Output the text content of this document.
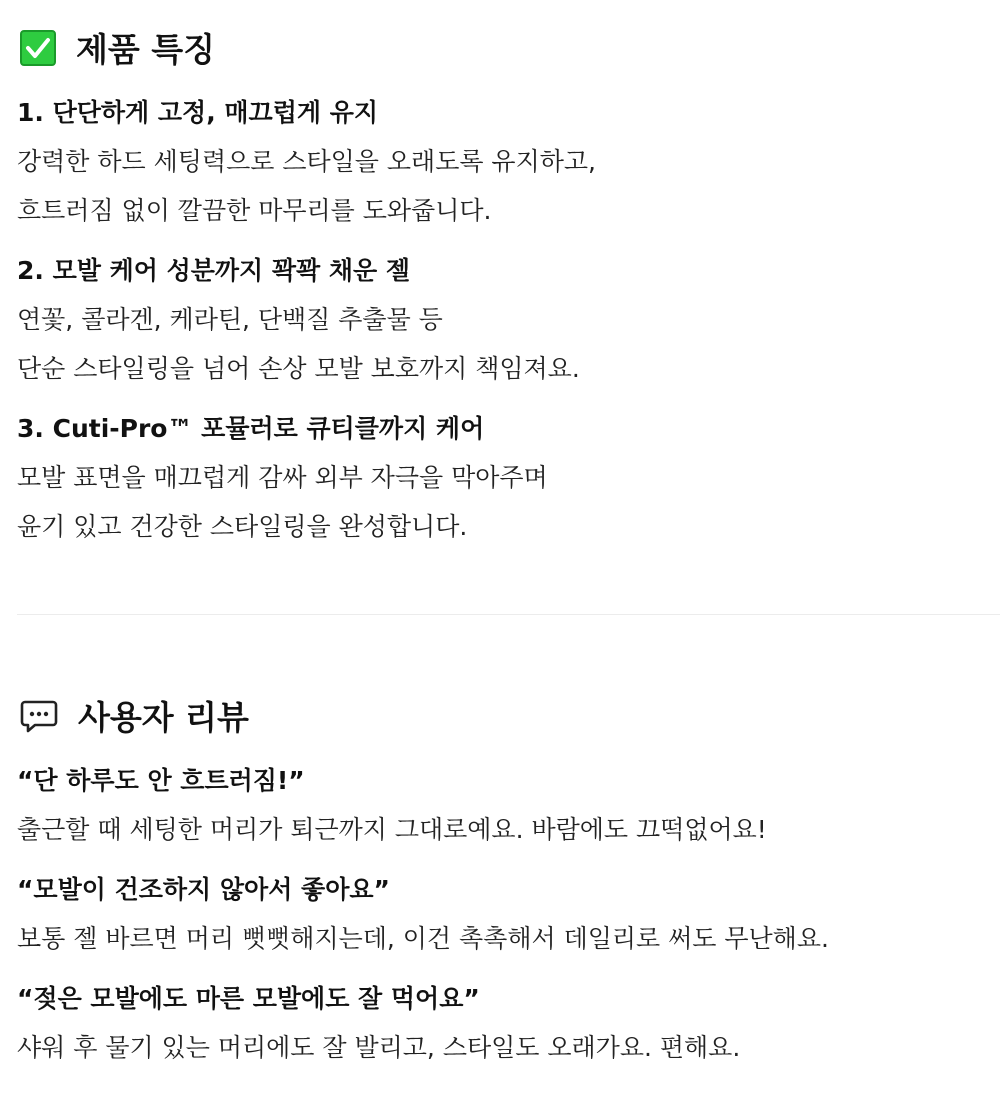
제품 특징
1. 단단하게 고정, 매끄럽게 유지
강력한 하드 세팅력으로 스타일을 오래도록 유지하고,
흐트러짐 없이 깔끔한 마무리를 도와줍니다.
2. 모발 케어 성분까지 꽉꽉 채운 젤
연꽃, 콜라겐, 케라틴, 단백질 추출물 등
단순 스타일링을 넘어 손상 모발 보호까지 책임져요.
3. Cuti-Pro™ 포뮬러로 큐티클까지 케어
모발 표면을 매끄럽게 감싸 외부 자극을 막아주며
윤기 있고 건강한 스타일링을 완성합니다.
사용자 리뷰
“단 하루도 안 흐트러짐!”
출근할 때 세팅한 머리가 퇴근까지 그대로예요. 바람에도 끄떡없어요!
“모발이 건조하지 않아서 좋아요”
보통 젤 바르면 머리 뻣뻣해지는데, 이건 촉촉해서 데일리로 써도 무난해요.
“젖은 모발에도 마른 모발에도 잘 먹어요”
샤워 후 물기 있는 머리에도 잘 발리고, 스타일도 오래가요. 편해요.
